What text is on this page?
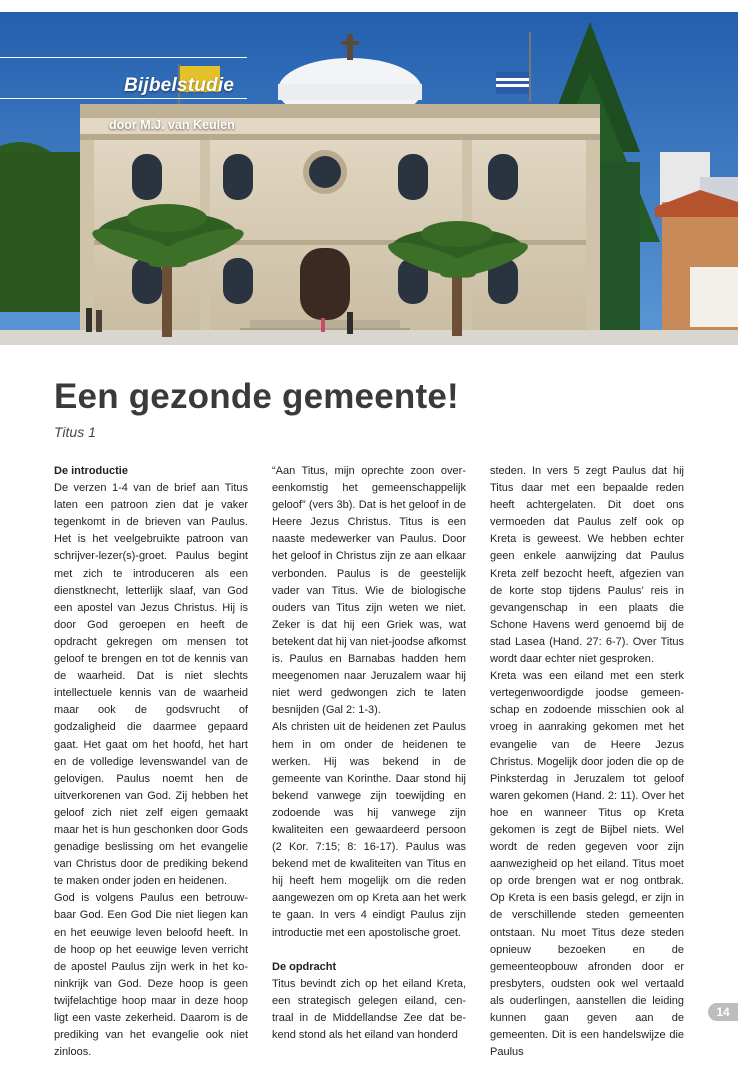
Bijbelstudie
door M.J. van Keulen
Een gezonde gemeente!
Titus 1
De introductie

De verzen 1-4 van de brief aan Titus laten een patroon zien dat je vaker tegenkomt in de brieven van Paulus. Het is het veelgebruikte patroon van schrijver-lezer(s)-groet. Paulus begint met zich te introduceren als een dienstknecht, letterlijk slaaf, van God een apostel van Jezus Christus. Hij is door God geroepen en heeft de opdracht gekregen om mensen tot geloof te brengen en tot de kennis van de waarheid. Dat is niet slechts intellectuele kennis van de waarheid maar ook de godsvrucht of godzaligheid die daarmee gepaard gaat. Het gaat om het hoofd, het hart en de volledige levenswandel van de gelovigen. Paulus noemt hen de uitverkorenen van God. Zij hebben het geloof zich niet zelf eigen gemaakt maar het is hun geschonken door Gods genadige beslissing om het evangelie van Christus door de prediking bekend te maken onder joden en heidenen.

God is volgens Paulus een betrouw-baar God. Een God Die niet liegen kan en het eeuwige leven beloofd heeft. In de hoop op het eeuwige leven verricht de apostel Paulus zijn werk in het ko-ninkrijk van God. Deze hoop is geen twijfelachtige hoop maar in deze hoop ligt een vaste zekerheid. Daarom is de prediking van het evangelie ook niet zinloos.

“Aan Titus, mijn oprechte zoon over-eenkomstig het gemeenschappelijk geloof” (vers 3b). Dat is het geloof in de Heere Jezus Christus. Titus is een naaste medewerker van Paulus. Door het geloof in Christus zijn ze aan elkaar verbonden. Paulus is de geestelijk vader van Titus. Wie de biologische ouders van Titus zijn weten we niet. Zeker is dat hij een Griek was, wat betekent dat hij van niet-joodse afkomst is. Paulus en Barnabas hadden hem meegenomen naar Jeruzalem waar hij niet werd gedwongen zich te laten besnijden (Gal 2: 1-3).

Als christen uit de heidenen zet Paulus hem in om onder de heidenen te werken. Hij was bekend in de gemeente van Korinthe. Daar stond hij bekend vanwege zijn toewijding en zodoende was hij vanwege zijn kwaliteiten een gewaardeerd persoon (2 Kor. 7:15; 8: 16-17). Paulus was bekend met de kwaliteiten van Titus en hij heeft hem mogelijk om die reden aangewezen om op Kreta aan het werk te gaan. In vers 4 eindigt Paulus zijn introductie met een apostolische groet.

De opdracht

Titus bevindt zich op het eiland Kreta, een strategisch gelegen eiland, cen-traal in de Middellandse Zee dat be-kend stond als het eiland van honderd

steden. In vers 5 zegt Paulus dat hij Titus daar met een bepaalde reden heeft achtergelaten. Dit doet ons vermoeden dat Paulus zelf ook op Kreta is geweest. We hebben echter geen enkele aanwijzing dat Paulus Kreta zelf bezocht heeft, afgezien van de korte stop tijdens Paulus’ reis in gevangenschap in een plaats die Schone Havens werd genoemd bij de stad Lasea (Hand. 27: 6-7). Over Titus wordt daar echter niet gesproken.

Kreta was een eiland met een sterk vertegenwoordigde joodse gemeen-schap en zodoende misschien ook al vroeg in aanraking gekomen met het evangelie van de Heere Jezus Christus. Mogelijk door joden die op de Pinksterdag in Jeruzalem tot geloof waren gekomen (Hand. 2: 11). Over het hoe en wanneer Titus op Kreta gekomen is zegt de Bijbel niets. Wel wordt de reden gegeven voor zijn aanwezigheid op het eiland. Titus moet op orde brengen wat er nog ontbrak. Op Kreta is een basis gelegd, er zijn in de verschillende steden gemeenten ontstaan. Nu moet Titus deze steden opnieuw bezoeken en de gemeenteopbouw afronden door er presbyters, oudsten ook wel vertaald als ouderlingen, aanstellen die leiding kunnen gaan geven aan de gemeenten. Dit is een handelswijze die Paulus

14
